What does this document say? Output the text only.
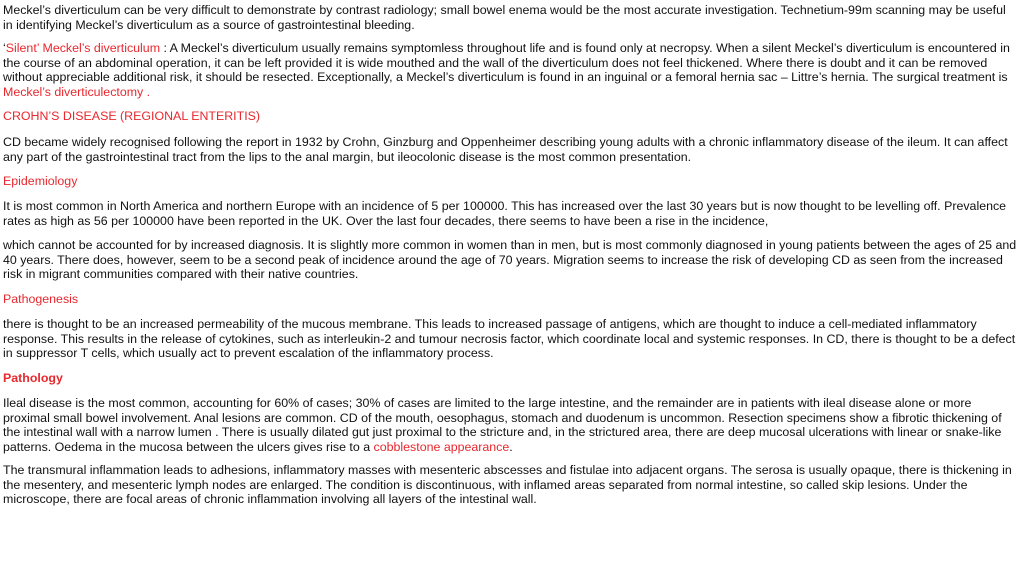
Meckel’s diverticulum can be very difficult to demonstrate by contrast radiology; small bowel enema would be the most accurate investigation. Technetium-99m scanning may be useful in identifying Meckel’s diverticulum as a source of gastrointestinal bleeding.

‘Silent’ Meckel’s diverticulum : A Meckel’s diverticulum usually remains symptomless throughout life and is found only at necropsy. When a silent Meckel’s diverticulum is encountered in the course of an abdominal operation, it can be left provided it is wide mouthed and the wall of the diverticulum does not feel thickened. Where there is doubt and it can be removed without appreciable additional risk, it should be resected. Exceptionally, a Meckel’s diverticulum is found in an inguinal or a femoral hernia sac – Littre’s hernia. The surgical treatment is Meckel’s diverticulectomy .

CROHN’S DISEASE (REGIONAL ENTERITIS)

CD became widely recognised following the report in 1932 by Crohn, Ginzburg and Oppenheimer describing young adults with a chronic inflammatory disease of the ileum. It can affect any part of the gastrointestinal tract from the lips to the anal margin, but ileocolonic disease is the most common presentation.

Epidemiology

It is most common in North America and northern Europe with an incidence of 5 per 100000. This has increased over the last 30 years but is now thought to be levelling off. Prevalence rates as high as 56 per 100000 have been reported in the UK. Over the last four decades, there seems to have been a rise in the incidence,

which cannot be accounted for by increased diagnosis. It is slightly more common in women than in men, but is most commonly diagnosed in young patients between the ages of 25 and 40 years. There does, however, seem to be a second peak of incidence around the age of 70 years. Migration seems to increase the risk of developing CD as seen from the increased risk in migrant communities compared with their native countries.

Pathogenesis

there is thought to be an increased permeability of the mucous membrane. This leads to increased passage of antigens, which are thought to induce a cell-mediated inflammatory response. This results in the release of cytokines, such as interleukin-2 and tumour necrosis factor, which coordinate local and systemic responses. In CD, there is thought to be a defect in suppressor T cells, which usually act to prevent escalation of the inflammatory process.

Pathology

Ileal disease is the most common, accounting for 60% of cases; 30% of cases are limited to the large intestine, and the remainder are in patients with ileal disease alone or more proximal small bowel involvement. Anal lesions are common. CD of the mouth, oesophagus, stomach and duodenum is uncommon. Resection specimens show a fibrotic thickening of the intestinal wall with a narrow lumen . There is usually dilated gut just proximal to the stricture and, in the strictured area, there are deep mucosal ulcerations with linear or snake-like patterns. Oedema in the mucosa between the ulcers gives rise to a cobblestone appearance.

The transmural inflammation leads to adhesions, inflammatory masses with mesenteric abscesses and fistulae into adjacent organs. The serosa is usually opaque, there is thickening in the mesentery, and mesenteric lymph nodes are enlarged. The condition is discontinuous, with inflamed areas separated from normal intestine, so called skip lesions. Under the microscope, there are focal areas of chronic inflammation involving all layers of the intestinal wall.
